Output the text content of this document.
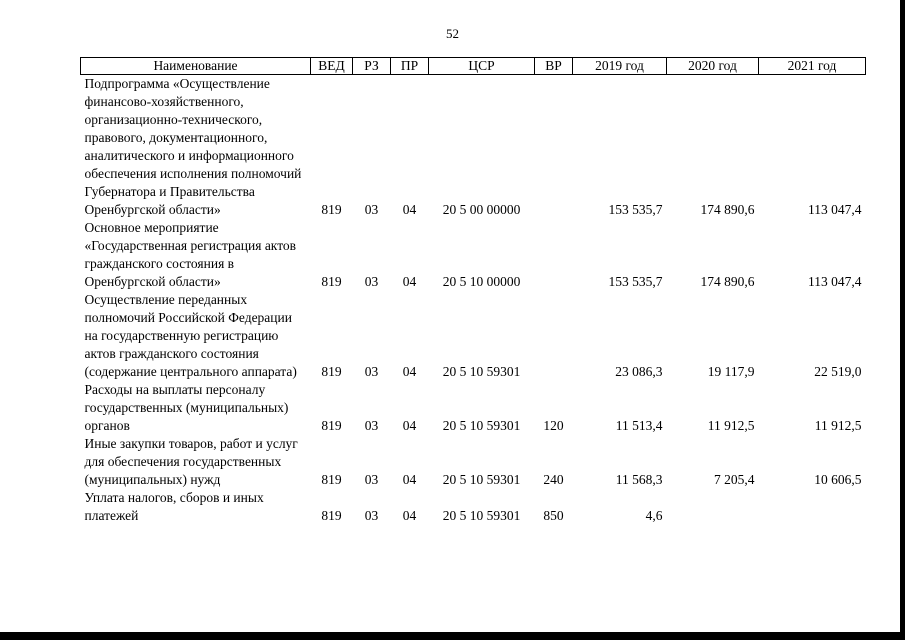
52
Наименование	ВЕД	РЗ	ПР	ЦСР	ВР	2019 год	2020 год	2021 год
Подпрограмма «Осуществление финансово-хозяйственного, организационно-технического, правового, документационного, аналитического и информационного обеспечения исполнения полномочий Губернатора и Правительства Оренбургской области»	819	03	04	20 5 00 00000		153 535,7	174 890,6	113 047,4
Основное мероприятие «Государственная регистрация актов гражданского состояния в Оренбургской области»	819	03	04	20 5 10 00000		153 535,7	174 890,6	113 047,4
Осуществление переданных полномочий Российской Федерации на государственную регистрацию актов гражданского состояния (содержание центрального аппарата)	819	03	04	20 5 10 59301		23 086,3	19 117,9	22 519,0
Расходы на выплаты персоналу государственных (муниципальных) органов	819	03	04	20 5 10 59301	120	11 513,4	11 912,5	11 912,5
Иные закупки товаров, работ и услуг для обеспечения государственных (муниципальных) нужд	819	03	04	20 5 10 59301	240	11 568,3	7 205,4	10 606,5
Уплата налогов, сборов и иных платежей	819	03	04	20 5 10 59301	850	4,6		
